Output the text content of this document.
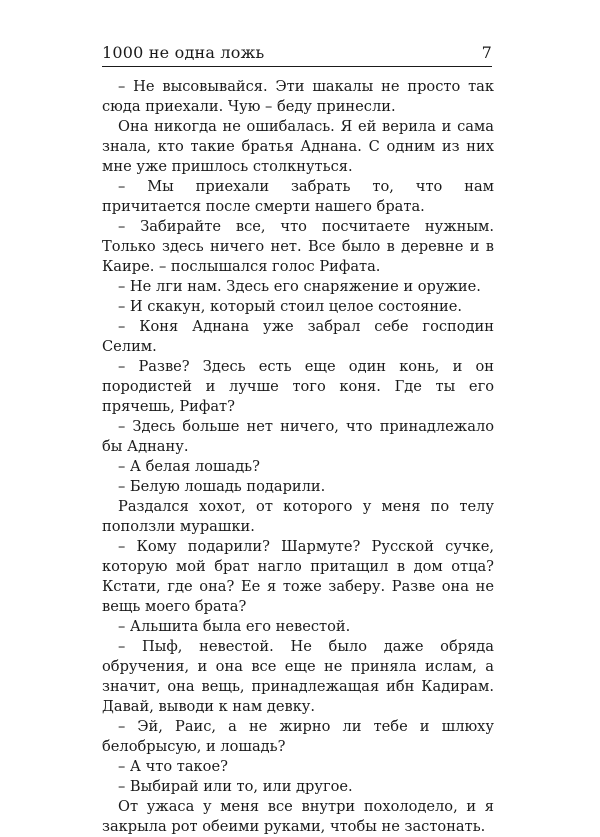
1000 не одна ложь	7

– Не высовывайся. Эти шакалы не просто так сюда приехали. Чую – беду принесли.

Она никогда не ошибалась. Я ей верила и сама знала, кто такие братья Аднана. С одним из них мне уже пришлось столкнуться.

– Мы приехали забрать то, что нам причитается после смерти нашего брата.

– Забирайте все, что посчитаете нужным. Только здесь ничего нет. Все было в деревне и в Каире. – послышался голос Рифата.

– Не лги нам. Здесь его снаряжение и оружие.

– И скакун, который стоил целое состояние.

– Коня Аднана уже забрал себе господин Селим.

– Разве? Здесь есть еще один конь, и он породистей и лучше того коня. Где ты его прячешь, Рифат?

– Здесь больше нет ничего, что принадлежало бы Аднану.

– А белая лошадь?

– Белую лошадь подарили.

Раздался хохот, от которого у меня по телу поползли мурашки.

– Кому подарили? Шармуте? Русской сучке, которую мой брат нагло притащил в дом отца? Кстати, где она? Ее я тоже заберу. Разве она не вещь моего брата?

– Альшита была его невестой.

– Пыф, невестой. Не было даже обряда обручения, и она все еще не приняла ислам, а значит, она вещь, принадлежащая ибн Кадирам. Давай, выводи к нам девку.

– Эй, Раис, а не жирно ли тебе и шлюху белобрысую, и лошадь?

– А что такое?

– Выбирай или то, или другое.

От ужаса у меня все внутри похолодело, и я закрыла рот обеими руками, чтобы не застонать.
